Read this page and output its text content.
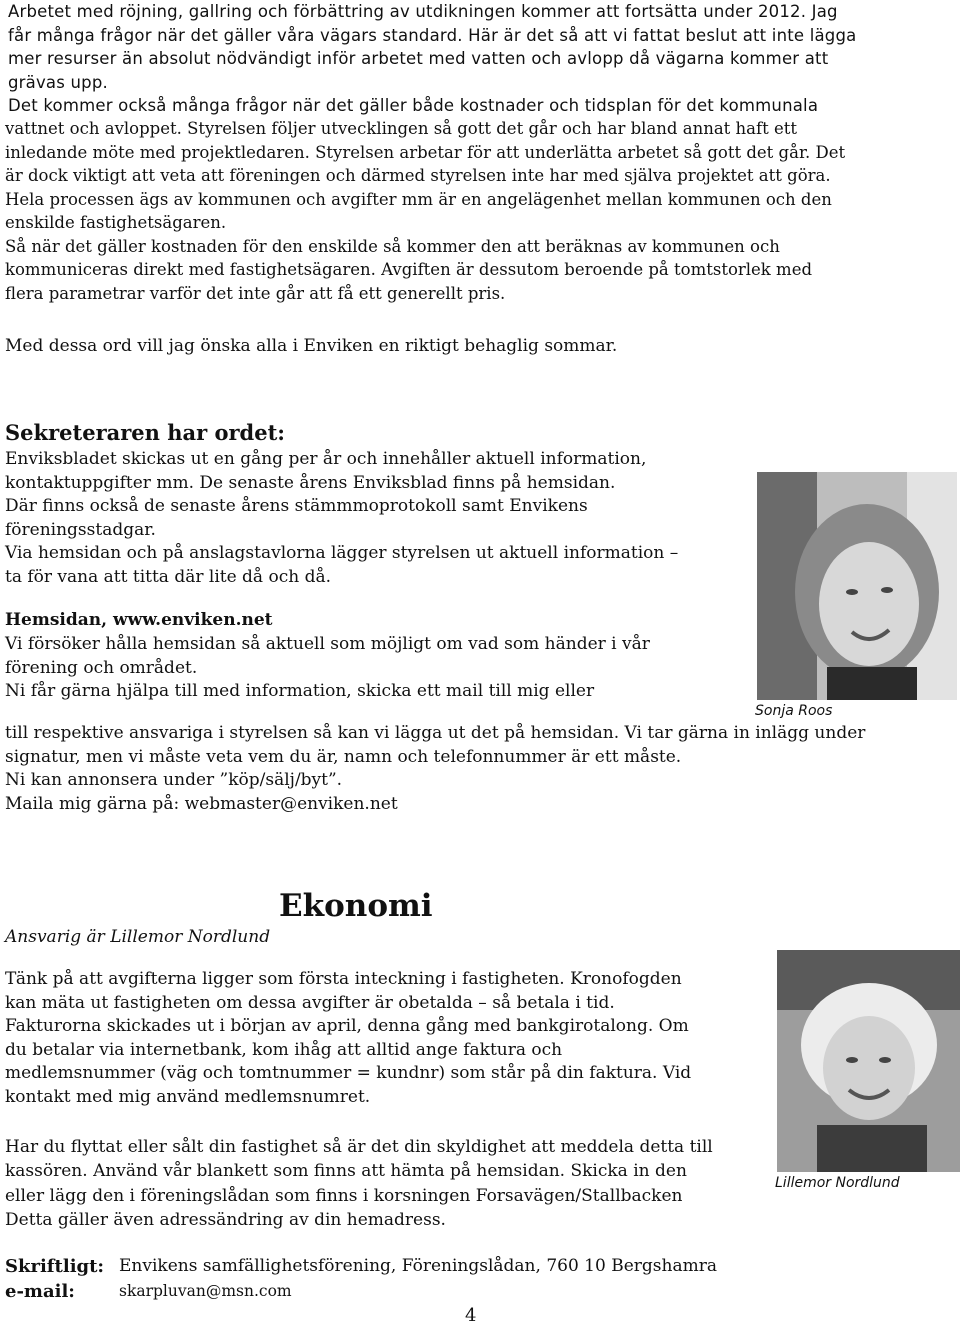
Arbetet med röjning, gallring och förbättring av utdikningen kommer att fortsätta under 2012. Jag
får många frågor när det gäller våra vägars standard. Här är det så att vi fattat beslut att inte lägga
mer resurser än absolut nödvändigt inför arbetet med vatten och avlopp då vägarna kommer att
grävas upp.
Det kommer också många frågor när det gäller både kostnader och tidsplan för det kommunala
vattnet och avloppet. Styrelsen följer utvecklingen så gott det går och har bland annat haft ett
inledande möte med projektledaren. Styrelsen arbetar för att underlätta arbetet så gott det går. Det
är dock viktigt att veta att föreningen och därmed styrelsen inte har med själva projektet att göra.
Hela processen ägs av kommunen och avgifter mm är en angelägenhet mellan kommunen och den
enskilde fastighetsägaren.
Så när det gäller kostnaden för den enskilde så kommer den att beräknas av kommunen och
kommuniceras direkt med fastighetsägaren. Avgiften är dessutom beroende på tomtstorlek med
flera parametrar varför det inte går att få ett generellt pris.
Med dessa ord vill jag önska alla i Enviken en riktigt behaglig sommar.
Sekreteraren har ordet:
Enviksbladet skickas ut en gång per år och innehåller aktuell information,
kontaktuppgifter mm. De senaste årens Enviksblad finns på hemsidan.
Där finns också de senaste årens stämmmoprotokoll samt Envikens
föreningsstadgar.
Via hemsidan och på anslagstavlorna lägger styrelsen ut aktuell information –
ta för vana att titta där lite då och då.
Hemsidan, www.enviken.net
Vi försöker hålla hemsidan så aktuell som möjligt om vad som händer i vår
förening och området.
Ni får gärna hjälpa till med information, skicka ett mail till mig eller
Sonja Roos
till respektive ansvariga i styrelsen så kan vi lägga ut det på hemsidan. Vi tar gärna in inlägg under
signatur, men vi måste veta vem du är, namn och telefonnummer är ett måste.
Ni kan annonsera under ”köp/sälj/byt”.
Maila mig gärna på: webmaster@enviken.net
Ekonomi
Ansvarig är Lillemor Nordlund
Tänk på att avgifterna ligger som första inteckning i fastigheten. Kronofogden
kan mäta ut fastigheten om dessa avgifter är obetalda – så betala i tid.
Fakturorna skickades ut i början av april, denna gång med bankgirotalong. Om
du betalar via internetbank, kom ihåg att alltid ange faktura och
medlemsnummer (väg och tomtnummer = kundnr) som står på din faktura. Vid
kontakt med mig använd medlemsnumret.
Har du flyttat eller sålt din fastighet så är det din skyldighet att meddela detta till
kassören. Använd vår blankett som finns att hämta på hemsidan. Skicka in den
eller lägg den i föreningslådan som finns i korsningen Forsavägen/Stallbacken
Detta gäller även adressändring av din hemadress.
Lillemor Nordlund
Skriftligt: Envikens samfällighetsförening, Föreningslådan, 760 10 Bergshamra
e-mail:	skarpluvan@msn.com
4
